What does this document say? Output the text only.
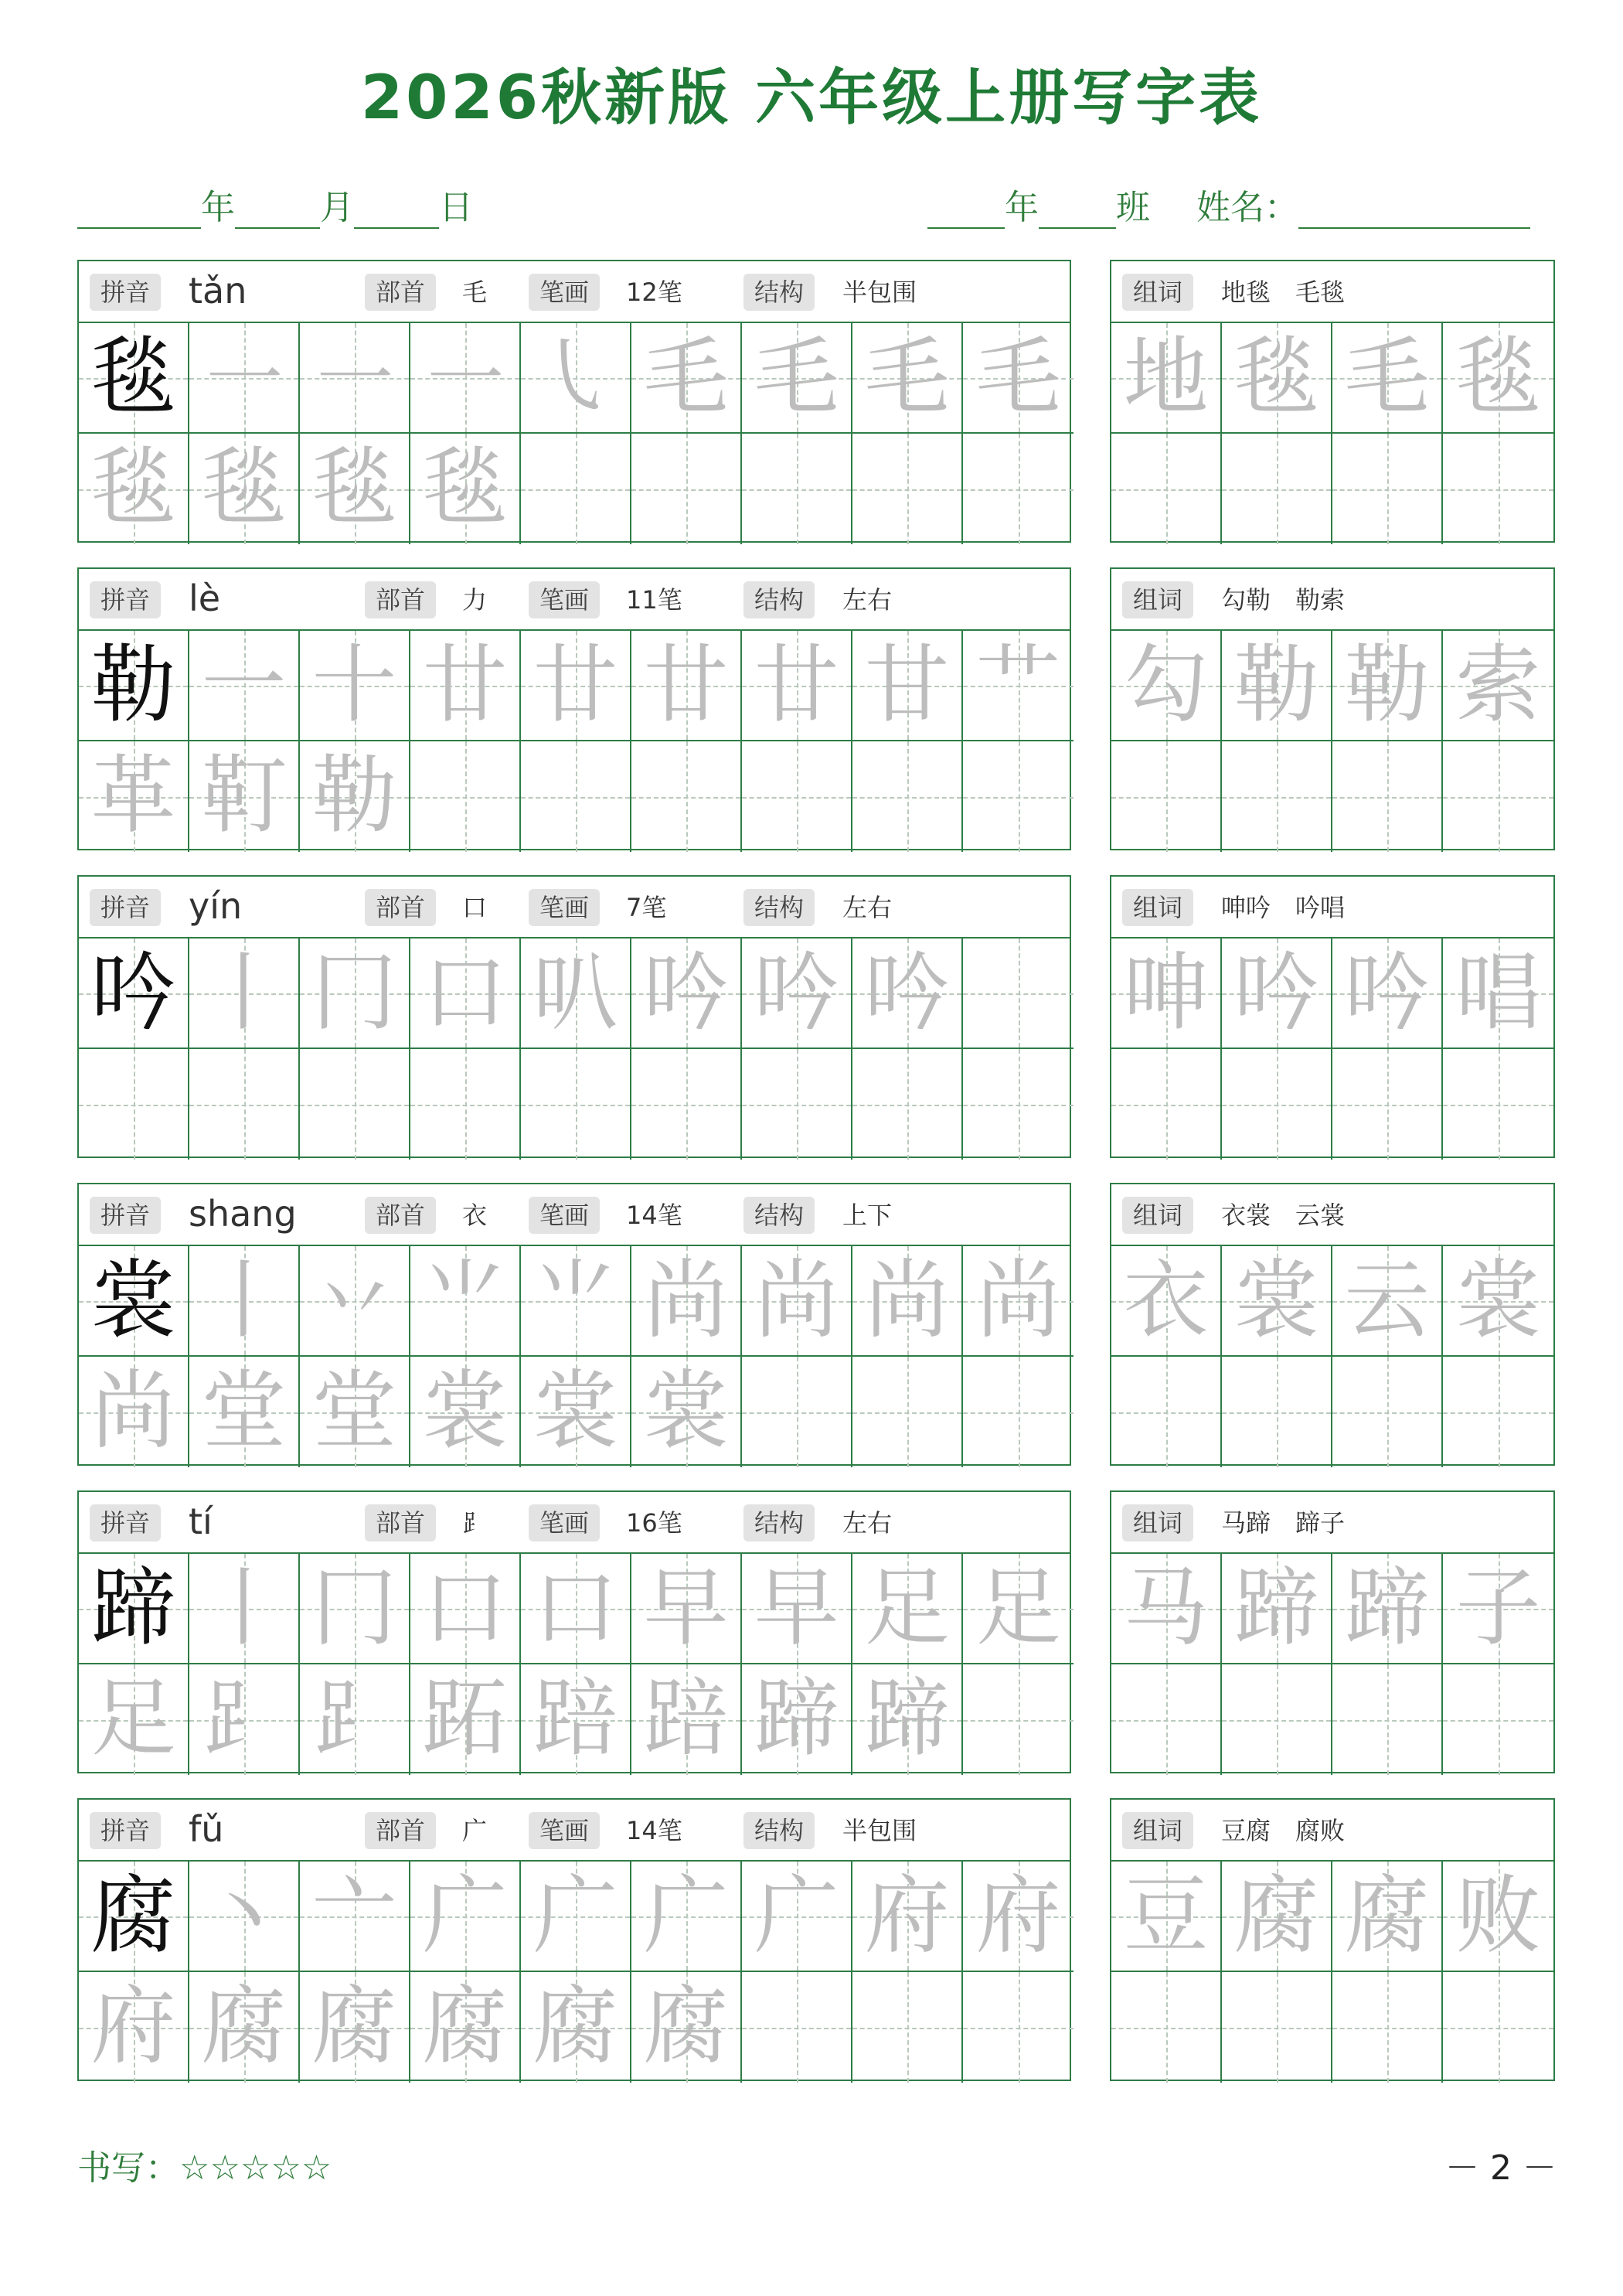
2026秋新版 六年级上册写字表
年	月	日	年 班 姓名：
拼音	tǎn	部首	毛	笔画	12笔	结构	半包围
毯 ㇐ ㇐ ㇐ ㇂ 毛 毛 毛 毛
毯 毯 毯 毯
组词	地毯　毛毯
地 毯 毛 毯
拼音	lè	部首	力	笔画	11笔	结构	左右
勒 一 十 廿 廿 廿 廿 甘 艹
革 靪 勒
组词	勾勒　勒索
勾 勒 勒 索
拼音	yín	部首	口	笔画	7笔	结构	左右
吟 丨 冂 口 叭 吟 吟 吟
组词	呻吟　吟唱
呻 吟 吟 唱
拼音	shang	部首	衣	笔画	14笔	结构	上下
裳 丨 丷 ⺌ ⺌ 尚 尚 尚 尚
尚 堂 堂 裳 裳 裳
组词	衣裳　云裳
衣 裳 云 裳
拼音	tí	部首	⻊	笔画	16笔	结构	左右
蹄 丨 冂 口 口 早 早 足 足
足 ⻊ ⻊ 跖 踣 踣 蹄 蹄
组词	马蹄　蹄子
马 蹄 蹄 子
拼音	fǔ	部首	广	笔画	14笔	结构	半包围
腐 丶 亠 广 广 广 广 府 府
府 腐 腐 腐 腐 腐
组词	豆腐　腐败
豆 腐 腐 败
书写：☆☆☆☆☆	－ 2 －
